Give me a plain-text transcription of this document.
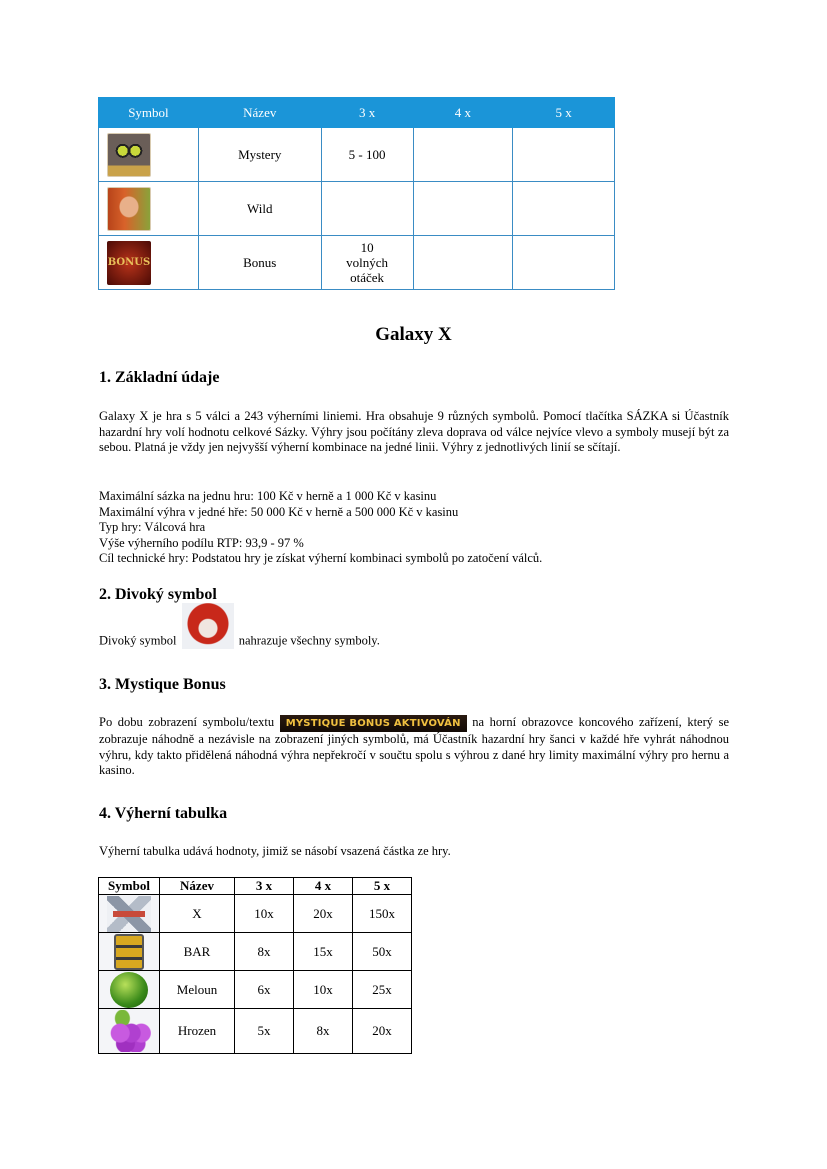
Symbol	Název	3 x	4 x	5 x
	Mystery	5 - 100		
	Wild			
BONUS	Bonus	10
volných
otáček		

Galaxy X
1. Základní údaje
Galaxy X je hra s 5 válci a 243 výherními liniemi. Hra obsahuje 9 různých symbolů. Pomocí tlačítka SÁZKA si Účastník hazardní hry volí hodnotu celkové Sázky. Výhry jsou počítány zleva doprava od válce nejvíce vlevo a symboly musejí být za sebou. Platná je vždy jen nejvyšší výherní kombinace na jedné linii. Výhry z jednotlivých linií se sčítají.
Maximální sázka na jednu hru: 100 Kč v herně a 1 000 Kč v kasinu
Maximální výhra v jedné hře: 50 000 Kč v herně a 500 000 Kč v kasinu
Typ hry: Válcová hra
Výše výherního podílu RTP: 93,9 - 97 %
Cíl technické hry: Podstatou hry je získat výherní kombinaci symbolů po zatočení válců.
2. Divoký symbol
Divoký symbol	nahrazuje všechny symboly.
3. Mystique Bonus
Po dobu zobrazení symbolu/textu MYSTIQUE BONUS AKTIVOVÁN na horní obrazovce koncového zařízení, který se zobrazuje náhodně a nezávisle na zobrazení jiných symbolů, má Účastník hazardní hry šanci v každé hře vyhrát náhodnou výhru, kdy takto přidělená náhodná výhra nepřekročí v součtu spolu s výhrou z dané hry limity maximální výhry pro hernu a kasino.
4. Výherní tabulka
Výherní tabulka udává hodnoty, jimiž se násobí vsazená částka ze hry.
Symbol	Název	3 x	4 x	5 x
	X	10x	20x	150x
	BAR	8x	15x	50x
	Meloun	6x	10x	25x
	Hrozen	5x	8x	20x
